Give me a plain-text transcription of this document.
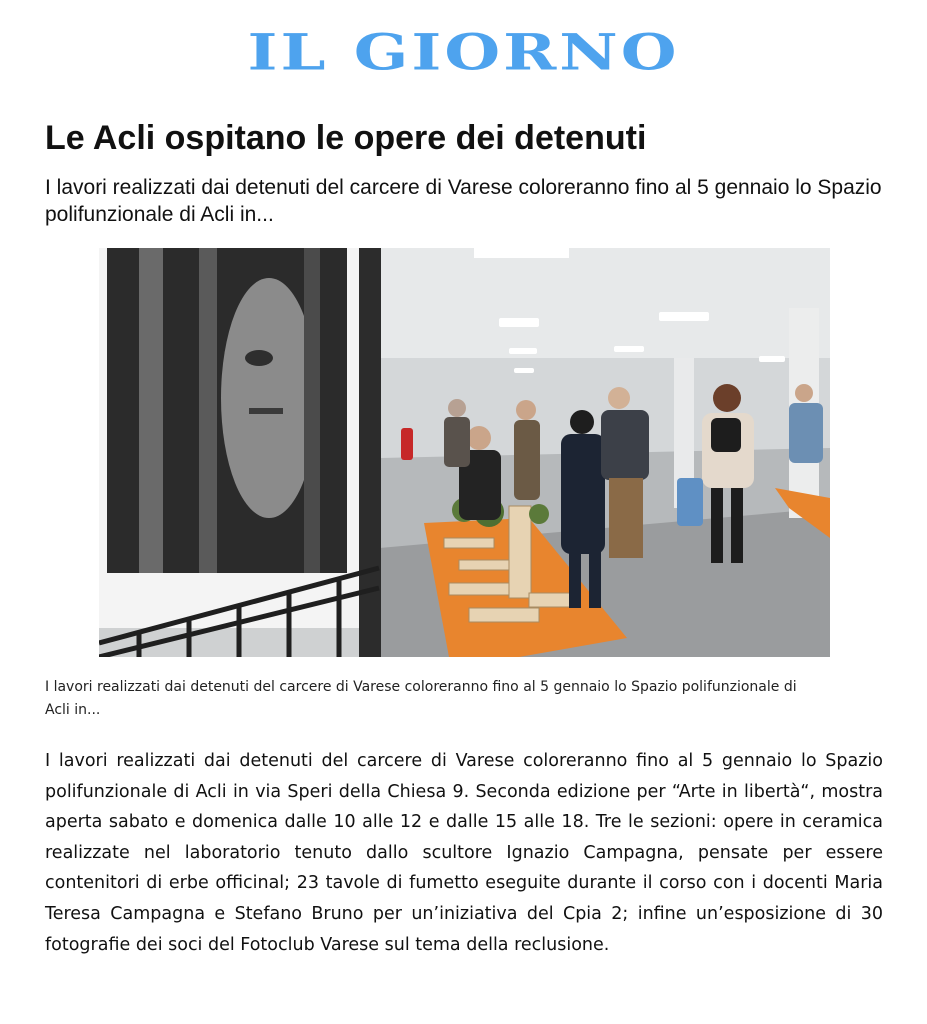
IL GIORNO
Le Acli ospitano le opere dei detenuti

I lavori realizzati dai detenuti del carcere di Varese coloreranno fino al 5 gennaio lo Spazio polifunzionale di Acli in...

I lavori realizzati dai detenuti del carcere di Varese coloreranno fino al 5 gennaio lo Spazio polifunzionale di Acli in...

I lavori realizzati dai detenuti del carcere di Varese coloreranno fino al 5 gennaio lo Spazio polifunzionale di Acli in via Speri della Chiesa 9. Seconda edizione per “Arte in libertà“, mostra aperta sabato e domenica dalle 10 alle 12 e dalle 15 alle 18. Tre le sezioni: opere in ceramica realizzate nel laboratorio tenuto dallo scultore Ignazio Campagna, pensate per essere contenitori di erbe officinal; 23 tavole di fumetto eseguite durante il corso con i docenti Maria Teresa Campagna e Stefano Bruno per un’iniziativa del Cpia 2; infine un’esposizione di 30 fotografie dei soci del Fotoclub Varese sul tema della reclusione.
